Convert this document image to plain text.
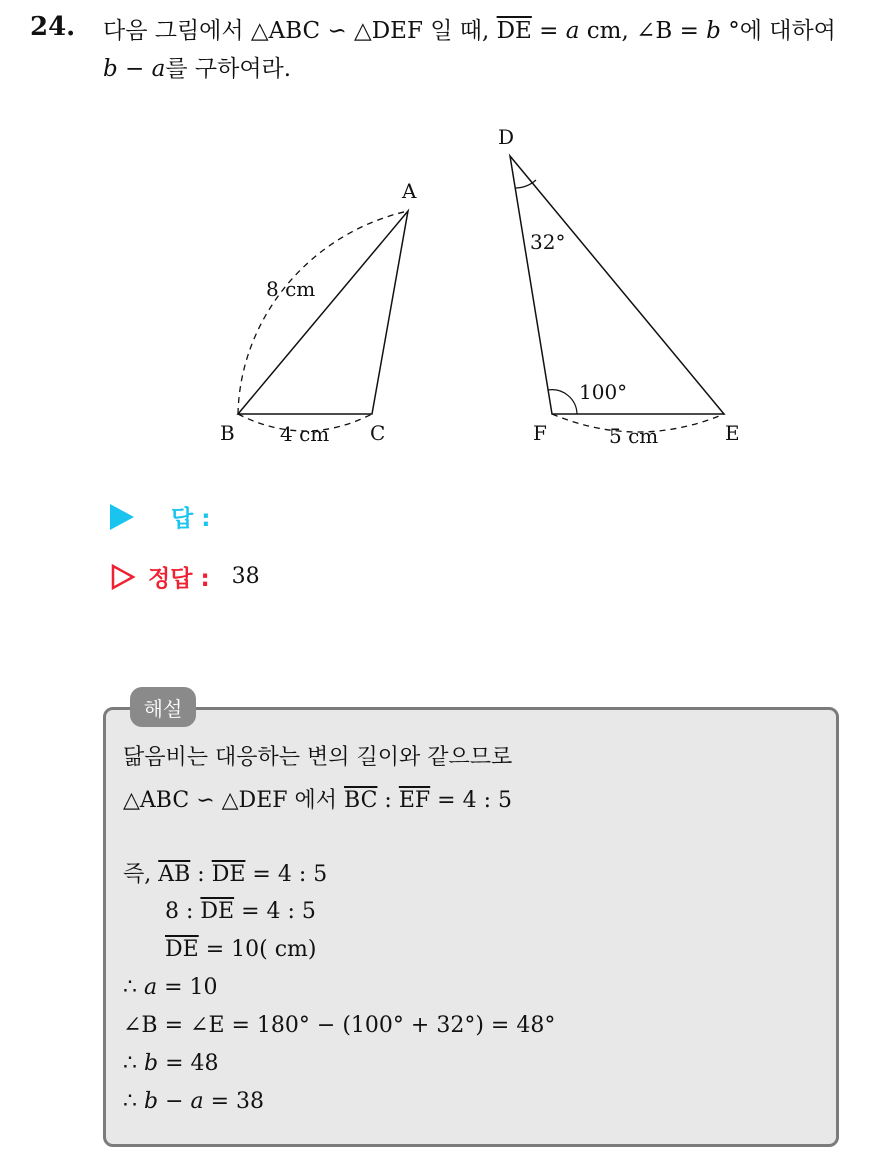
24. 다음 그림에서 △ABC ∽ △DEF 일 때, $\overline{DE} = a$ cm, ∠B = b °에 대하여
b − a를 구하여라.
A
B	C
D
E
F
8 cm
4 cm	5 cm
32°
100°
답 :
정답 : 38
해설
닮음비는 대응하는 변의 길이와 같으므로
△ABC ∽ △DEF 에서 $\overline{BC}$ : $\overline{EF} = 4$ : 5
즉, $\overline{AB}$ : $\overline{DE} = 4$ : 5
8 : $\overline{DE} = 4$ : 5
$\overline{DE} = 10$( cm)
∴ a = 10
∠B = ∠E = 180° − (100° + 32°) = 48°
∴ b = 48
∴ b − a = 38
